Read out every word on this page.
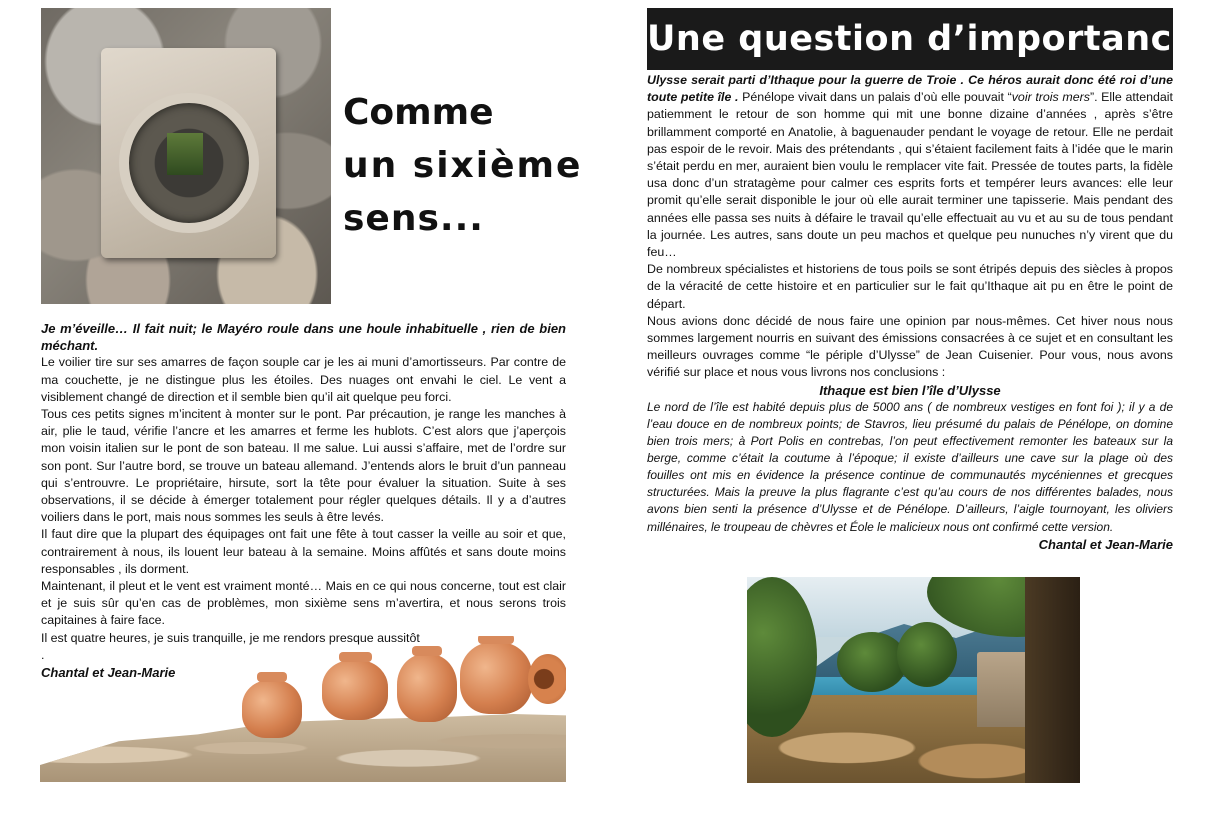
Comme
un sixième
sens...

Je m’éveille… Il fait nuit; le Mayéro roule dans une houle inhabituelle , rien de bien méchant.

Le voilier tire sur ses amarres de façon souple car je les ai muni d’amortisseurs. Par contre de ma couchette, je ne distingue plus les étoiles. Des nuages ont envahi le ciel. Le vent a visiblement changé de direction et il semble bien qu’il ait quelque peu forci.

Tous ces petits signes m’incitent à monter sur le pont. Par précaution, je range les manches à air, plie le taud, vérifie l’ancre et les amarres et ferme les hublots. C’est alors que j’aperçois mon voisin italien sur le pont de son bateau. Il me salue. Lui aussi s’affaire, met de l’ordre sur son pont. Sur l’autre bord, se trouve un bateau allemand. J’entends alors le bruit d’un panneau qui s’entrouvre. Le propriétaire, hirsute, sort la tête pour évaluer la situation. Suite à ses observations, il se décide à émerger totalement pour régler quelques détails. Il y a d’autres voiliers dans le port, mais nous sommes les seuls à être levés.

Il faut dire que la plupart des équipages ont fait une fête à tout casser la veille au soir et que, contrairement à nous, ils louent leur bateau à la semaine. Moins affûtés et sans doute moins responsables , ils dorment.

Maintenant, il pleut et le vent est vraiment monté… Mais en ce qui nous concerne, tout est clair et je suis sûr qu’en cas de problèmes, mon sixième sens m’avertira, et nous serons trois capitaines à faire face.

Il est quatre heures, je suis tranquille, je me rendors presque aussitôt .

Chantal et Jean-Marie

Une question d’importance

Ulysse serait parti d’Ithaque pour la guerre de Troie . Ce héros aurait donc été roi d’une toute petite île . Pénélope vivait dans un palais d’où elle pouvait “voir trois mers”. Elle attendait patiemment le retour de son homme qui mit une bonne dizaine d’années , après s’être brillamment comporté en Anatolie, à baguenauder pendant le voyage de retour. Elle ne perdait pas espoir de le revoir. Mais des prétendants , qui s’étaient facilement faits à l’idée que le marin s’était perdu en mer, auraient bien voulu le remplacer vite fait. Pressée de toutes parts, la fidèle usa donc d’un stratagème pour calmer ces esprits forts et tempérer leurs avances: elle leur promit qu’elle serait disponible le jour où elle aurait terminer une tapisserie. Mais pendant des années elle passa ses nuits à défaire le travail qu’elle effectuait au vu et au su de tous pendant la journée. Les autres, sans doute un peu machos et quelque peu nunuches n’y virent que du feu…

De nombreux spécialistes et historiens de tous poils se sont étripés depuis des siècles à propos de la véracité de cette histoire et en particulier sur le fait qu’Ithaque ait pu en être le point de départ.

Nous avions donc décidé de nous faire une opinion par nous-mêmes. Cet hiver nous nous sommes largement nourris en suivant des émissions consacrées à ce sujet et en consultant les meilleurs ouvrages comme “le périple d’Ulysse” de Jean Cuisenier. Pour vous, nous avons vérifié sur place et nous vous livrons nos conclusions :

Ithaque est bien l’île d’Ulysse

Le nord de l’île est habité depuis plus de 5000 ans ( de nombreux vestiges en font foi ); il y a de l’eau douce en de nombreux points; de Stavros, lieu présumé du palais de Pénélope, on domine bien trois mers; à Port Polis en contrebas, l’on peut effectivement remonter les bateaux sur la berge, comme c’était la coutume à l’époque; il existe d’ailleurs une cave sur la plage où des fouilles ont mis en évidence la présence continue de communautés mycéniennes et grecques structurées. Mais la preuve la plus flagrante c’est qu’au cours de nos différentes balades, nous avons bien senti la présence d’Ulysse et de Pénélope. D’ailleurs, l’aigle tournoyant, les oliviers millénaires, le troupeau de chèvres et Éole le malicieux nous ont confirmé cette version.

Chantal et Jean-Marie
